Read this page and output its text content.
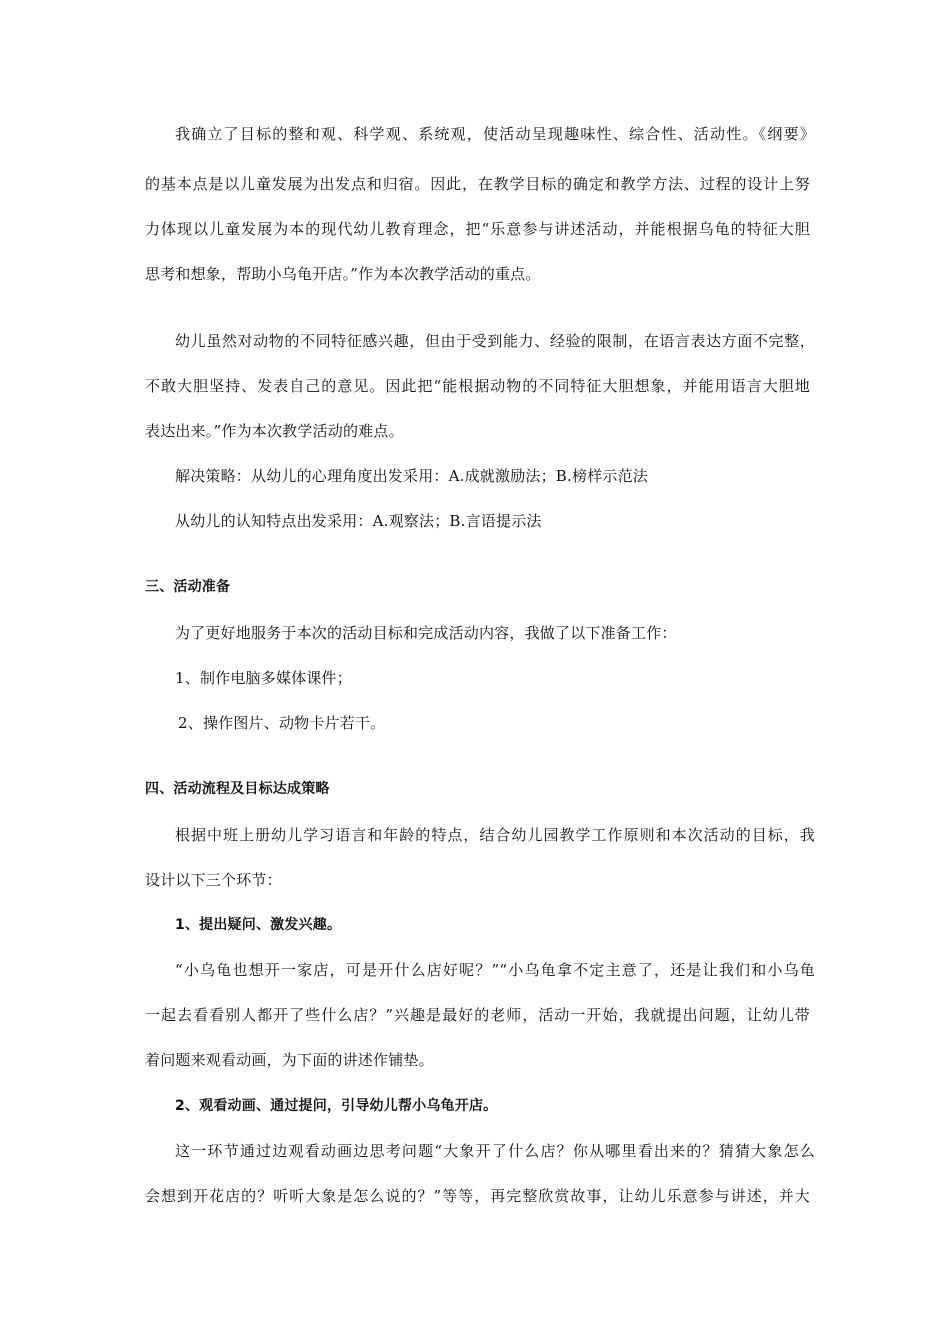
我确立了目标的整和观、科学观、系统观，使活动呈现趣味性、综合性、活动性。《纲要》
的基本点是以儿童发展为出发点和归宿。因此，在教学目标的确定和教学方法、过程的设计上努
力体现以儿童发展为本的现代幼儿教育理念，把“乐意参与讲述活动，并能根据乌龟的特征大胆
思考和想象，帮助小乌龟开店。”作为本次教学活动的重点。
幼儿虽然对动物的不同特征感兴趣，但由于受到能力、经验的限制，在语言表达方面不完整，
不敢大胆坚持、发表自己的意见。因此把“能根据动物的不同特征大胆想象，并能用语言大胆地
表达出来。”作为本次教学活动的难点。
解决策略：从幼儿的心理角度出发采用：A.成就激励法；B.榜样示范法
从幼儿的认知特点出发采用：A.观察法；B.言语提示法
三、活动准备
为了更好地服务于本次的活动目标和完成活动内容，我做了以下准备工作：
1、制作电脑多媒体课件；
2、操作图片、动物卡片若干。
四、活动流程及目标达成策略
根据中班上册幼儿学习语言和年龄的特点，结合幼儿园教学工作原则和本次活动的目标，我
设计以下三个环节：
1、提出疑问、激发兴趣。
“小乌龟也想开一家店，可是开什么店好呢？”“小乌龟拿不定主意了，还是让我们和小乌龟
一起去看看别人都开了些什么店？”兴趣是最好的老师，活动一开始，我就提出问题，让幼儿带
着问题来观看动画，为下面的讲述作铺垫。
2、观看动画、通过提问，引导幼儿帮小乌龟开店。
这一环节通过边观看动画边思考问题“大象开了什么店？你从哪里看出来的？猜猜大象怎么
会想到开花店的？听听大象是怎么说的？”等等，再完整欣赏故事，让幼儿乐意参与讲述，并大
